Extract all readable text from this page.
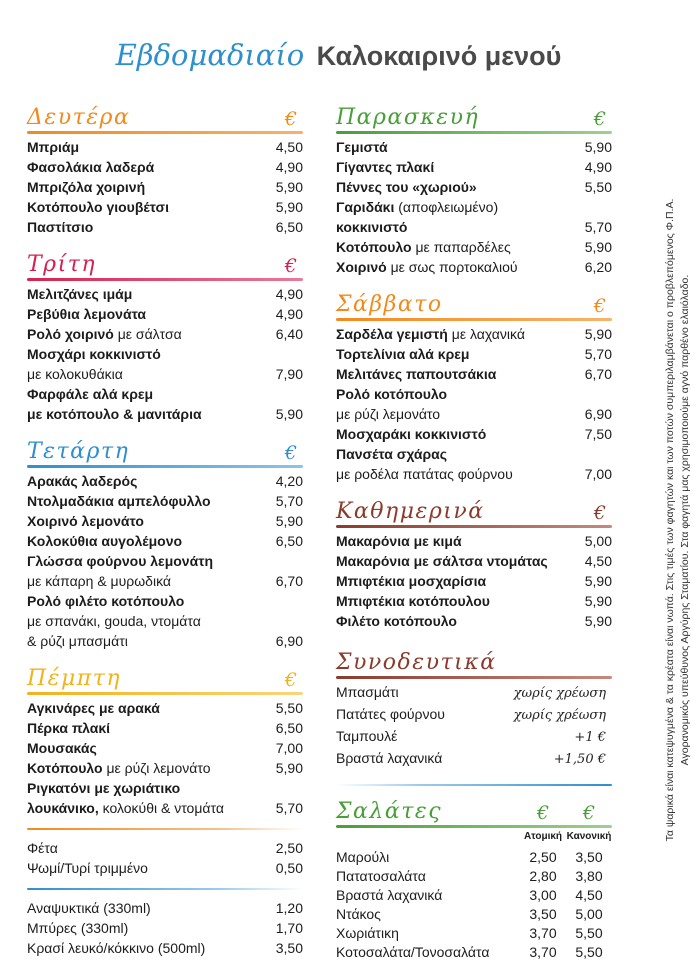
Εβδομαδιαίο Καλοκαιρινό μενού
Δευτέρα	€
Μπριάμ	4,50
Φασολάκια λαδερά	4,90
Μπριζόλα χοιρινή	5,90
Κοτόπουλο γιουβέτσι	5,90
Παστίτσιο	6,50
Τρίτη	€
Μελιτζάνες ιμάμ	4,90
Ρεβύθια λεμονάτα	4,90
Ρολό χοιρινό με σάλτσα	6,40
Μοσχάρι κοκκινιστό
με κολοκυθάκια	7,90
Φαρφάλε αλά κρεμ
με κοτόπουλο & μανιτάρια	5,90
Τετάρτη	€
Αρακάς λαδερός	4,20
Ντολμαδάκια αμπελόφυλλο	5,70
Χοιρινό λεμονάτο	5,90
Κολοκύθια αυγολέμονο	6,50
Γλώσσα φούρνου λεμονάτη
με κάπαρη & μυρωδικά	6,70
Ρολό φιλέτο κοτόπουλο
με σπανάκι, gouda, ντομάτα
& ρύζι μπασμάτι	6,90
Πέμπτη	€
Αγκινάρες με αρακά	5,50
Πέρκα πλακί	6,50
Μουσακάς	7,00
Κοτόπουλο με ρύζι λεμονάτο	5,90
Ριγκατόνι με χωριάτικο
λουκάνικο, κολοκύθι & ντομάτα	5,70
Φέτα	2,50
Ψωμί/Τυρί τριμμένο	0,50
Αναψυκτικά (330ml)	1,20
Μπύρες (330ml)	1,70
Κρασί λευκό/κόκκινο (500ml)	3,50
Παρασκευή	€
Γεμιστά	5,90
Γίγαντες πλακί	4,90
Πέννες του «χωριού»	5,50
Γαριδάκι (αποφλειωμένο)
κοκκινιστό	5,70
Κοτόπουλο με παπαρδέλες	5,90
Χοιρινό με σως πορτοκαλιού	6,20
Σάββατο	€
Σαρδέλα γεμιστή με λαχανικά	5,90
Τορτελίνια αλά κρεμ	5,70
Μελιτάνες παπουτσάκια	6,70
Ρολό κοτόπουλο
με ρύζι λεμονάτο	6,90
Μοσχαράκι κοκκινιστό	7,50
Πανσέτα σχάρας
με ροδέλα πατάτας φούρνου	7,00
Καθημερινά	€
Μακαρόνια με κιμά	5,00
Μακαρόνια με σάλτσα ντομάτας	4,50
Μπιφτέκια μοσχαρίσια	5,90
Μπιφτέκια κοτόπουλου	5,90
Φιλέτο κοτόπουλο	5,90
Συνοδευτικά
Μπασμάτι	χωρίς χρέωση
Πατάτες φούρνου	χωρίς χρέωση
Ταμπουλέ	+1 €
Βραστά λαχανικά	+1,50 €
Σαλάτες	€	€
Ατομική Κανονική
Μαρούλι	2,50	3,50
Πατατοσαλάτα	2,80	3,80
Βραστά λαχανικά	3,00	4,50
Ντάκος	3,50	5,00
Χωριάτικη	3,70	5,50
Κοτοσαλάτα/Τονοσαλάτα	3,70	5,50
Τα ψαρικά είναι κατεψυγμένα & τα κρέατα είναι νωπά. Στις τιμές των φαγητών και των ποτών συμπεριλαμβάνεται ο προβλεπόμενος Φ.Π.Α. Αγορανομικός υπεύθυνος Αργύρης Σταματίου. Στα φαγητά μας χρησιμοποιούμε αγνό παρθένο ελαιόλαδο.
